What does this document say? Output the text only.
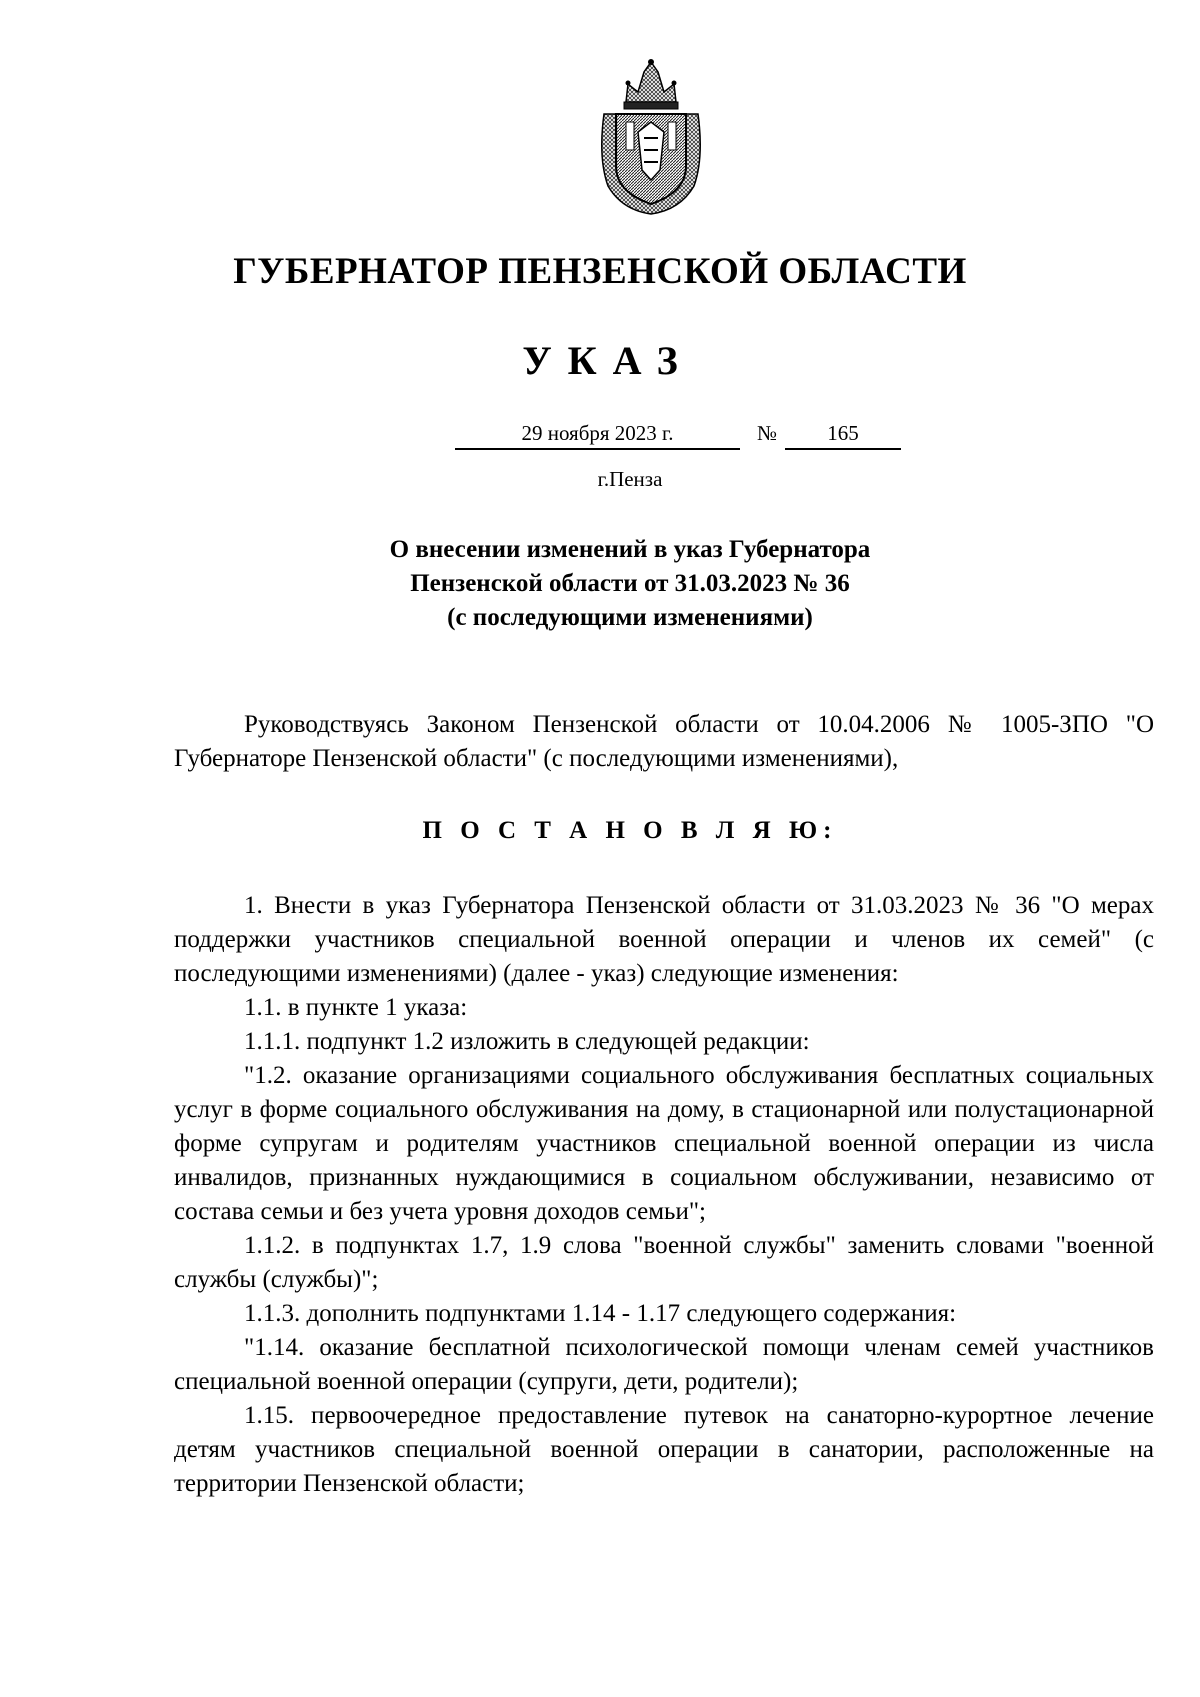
ГУБЕРНАТОР ПЕНЗЕНСКОЙ ОБЛАСТИ
УКАЗ
29 ноября 2023 г.	№	165
г.Пенза
О внесении изменений в указ Губернатора
Пензенской области от 31.03.2023 № 36
(с последующими изменениями)

Руководствуясь Законом Пензенской области от 10.04.2006 № 1005-ЗПО "О Губернаторе Пензенской области" (с последующими изменениями),

П О С Т А Н О В Л Я Ю:

1. Внести в указ Губернатора Пензенской области от 31.03.2023 № 36 "О мерах поддержки участников специальной военной операции и членов их семей" (с последующими изменениями) (далее - указ) следующие изменения:

1.1. в пункте 1 указа:

1.1.1. подпункт 1.2 изложить в следующей редакции:

"1.2. оказание организациями социального обслуживания бесплатных социальных услуг в форме социального обслуживания на дому, в стационарной или полустационарной форме супругам и родителям участников специальной военной операции из числа инвалидов, признанных нуждающимися в социальном обслуживании, независимо от состава семьи и без учета уровня доходов семьи";

1.1.2. в подпунктах 1.7, 1.9 слова "военной службы" заменить словами "военной службы (службы)";

1.1.3. дополнить подпунктами 1.14 - 1.17 следующего содержания:

"1.14. оказание бесплатной психологической помощи членам семей участников специальной военной операции (супруги, дети, родители);

1.15. первоочередное предоставление путевок на санаторно-курортное лечение детям участников специальной военной операции в санатории, расположенные на территории Пензенской области;
